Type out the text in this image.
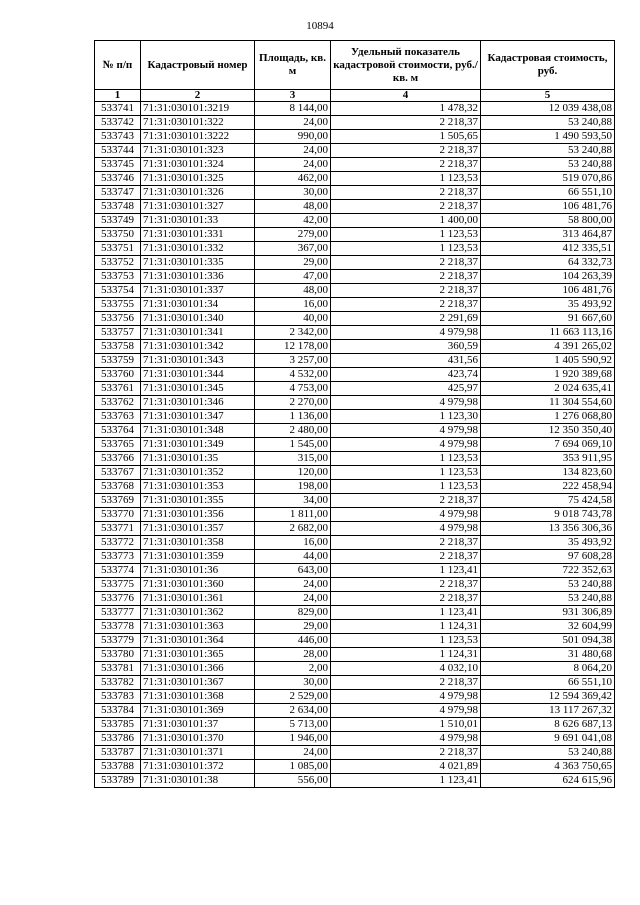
10894
№ п/п	Кадастровый номер	Площадь, кв. м	Удельный показатель кадастровой стоимости, руб./кв. м	Кадастровая стоимость, руб.
1	2	3	4	5
533741	71:31:030101:3219	8 144,00	1 478,32	12 039 438,08
533742	71:31:030101:322	24,00	2 218,37	53 240,88
533743	71:31:030101:3222	990,00	1 505,65	1 490 593,50
533744	71:31:030101:323	24,00	2 218,37	53 240,88
533745	71:31:030101:324	24,00	2 218,37	53 240,88
533746	71:31:030101:325	462,00	1 123,53	519 070,86
533747	71:31:030101:326	30,00	2 218,37	66 551,10
533748	71:31:030101:327	48,00	2 218,37	106 481,76
533749	71:31:030101:33	42,00	1 400,00	58 800,00
533750	71:31:030101:331	279,00	1 123,53	313 464,87
533751	71:31:030101:332	367,00	1 123,53	412 335,51
533752	71:31:030101:335	29,00	2 218,37	64 332,73
533753	71:31:030101:336	47,00	2 218,37	104 263,39
533754	71:31:030101:337	48,00	2 218,37	106 481,76
533755	71:31:030101:34	16,00	2 218,37	35 493,92
533756	71:31:030101:340	40,00	2 291,69	91 667,60
533757	71:31:030101:341	2 342,00	4 979,98	11 663 113,16
533758	71:31:030101:342	12 178,00	360,59	4 391 265,02
533759	71:31:030101:343	3 257,00	431,56	1 405 590,92
533760	71:31:030101:344	4 532,00	423,74	1 920 389,68
533761	71:31:030101:345	4 753,00	425,97	2 024 635,41
533762	71:31:030101:346	2 270,00	4 979,98	11 304 554,60
533763	71:31:030101:347	1 136,00	1 123,30	1 276 068,80
533764	71:31:030101:348	2 480,00	4 979,98	12 350 350,40
533765	71:31:030101:349	1 545,00	4 979,98	7 694 069,10
533766	71:31:030101:35	315,00	1 123,53	353 911,95
533767	71:31:030101:352	120,00	1 123,53	134 823,60
533768	71:31:030101:353	198,00	1 123,53	222 458,94
533769	71:31:030101:355	34,00	2 218,37	75 424,58
533770	71:31:030101:356	1 811,00	4 979,98	9 018 743,78
533771	71:31:030101:357	2 682,00	4 979,98	13 356 306,36
533772	71:31:030101:358	16,00	2 218,37	35 493,92
533773	71:31:030101:359	44,00	2 218,37	97 608,28
533774	71:31:030101:36	643,00	1 123,41	722 352,63
533775	71:31:030101:360	24,00	2 218,37	53 240,88
533776	71:31:030101:361	24,00	2 218,37	53 240,88
533777	71:31:030101:362	829,00	1 123,41	931 306,89
533778	71:31:030101:363	29,00	1 124,31	32 604,99
533779	71:31:030101:364	446,00	1 123,53	501 094,38
533780	71:31:030101:365	28,00	1 124,31	31 480,68
533781	71:31:030101:366	2,00	4 032,10	8 064,20
533782	71:31:030101:367	30,00	2 218,37	66 551,10
533783	71:31:030101:368	2 529,00	4 979,98	12 594 369,42
533784	71:31:030101:369	2 634,00	4 979,98	13 117 267,32
533785	71:31:030101:37	5 713,00	1 510,01	8 626 687,13
533786	71:31:030101:370	1 946,00	4 979,98	9 691 041,08
533787	71:31:030101:371	24,00	2 218,37	53 240,88
533788	71:31:030101:372	1 085,00	4 021,89	4 363 750,65
533789	71:31:030101:38	556,00	1 123,41	624 615,96
